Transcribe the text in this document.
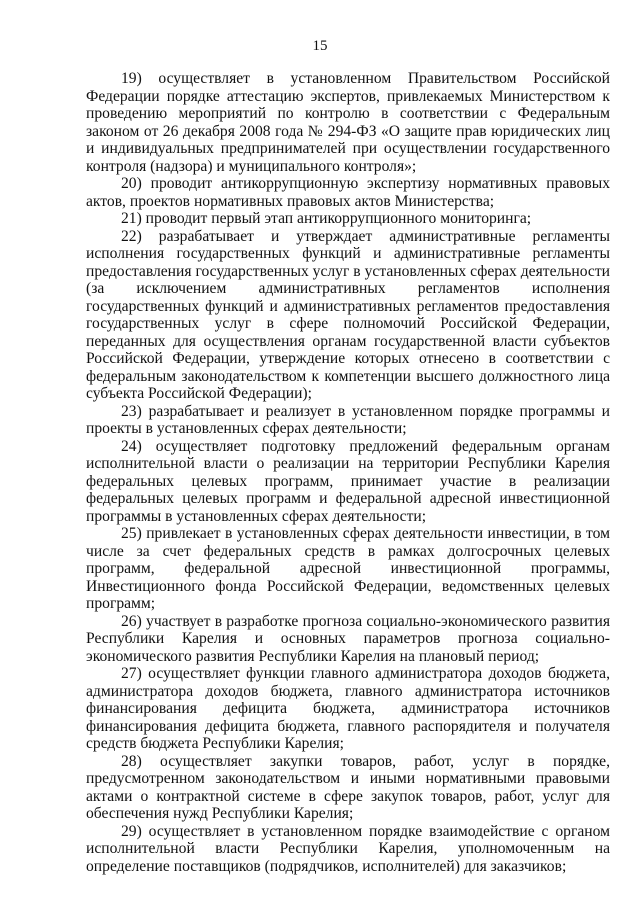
15

19) осуществляет в установленном Правительством Российской Федерации порядке аттестацию экспертов, привлекаемых Министерством к проведению мероприятий по контролю в соответствии с Федеральным законом от 26 декабря 2008 года № 294-ФЗ «О защите прав юридических лиц и индивидуальных предпринимателей при осуществлении государственного контроля (надзора) и муниципального контроля»;

20) проводит антикоррупционную экспертизу нормативных правовых актов, проектов нормативных правовых актов Министерства;

21) проводит первый этап антикоррупционного мониторинга;

22) разрабатывает и утверждает административные регламенты исполнения государственных функций и административные регламенты предоставления государственных услуг в установленных сферах деятельности (за исключением административных регламентов исполнения государственных функций и административных регламентов предоставления государственных услуг в сфере полномочий Российской Федерации, переданных для осуществления органам государственной власти субъектов Российской Федерации, утверждение которых отнесено в соответствии с федеральным законодательством к компетенции высшего должностного лица субъекта Российской Федерации);

23) разрабатывает и реализует в установленном порядке программы и проекты в установленных сферах деятельности;

24) осуществляет подготовку предложений федеральным органам исполнительной власти о реализации на территории Республики Карелия федеральных целевых программ, принимает участие в реализации федеральных целевых программ и федеральной адресной инвестиционной программы в установленных сферах деятельности;

25) привлекает в установленных сферах деятельности инвестиции, в том числе за счет федеральных средств в рамках долгосрочных целевых программ, федеральной адресной инвестиционной программы, Инвестиционного фонда Российской Федерации, ведомственных целевых программ;

26) участвует в разработке прогноза социально-экономического развития Республики Карелия и основных параметров прогноза социально-экономического развития Республики Карелия на плановый период;

27) осуществляет функции главного администратора доходов бюджета, администратора доходов бюджета, главного администратора источников финансирования дефицита бюджета, администратора источников финансирования дефицита бюджета, главного распорядителя и получателя средств бюджета Республики Карелия;

28) осуществляет закупки товаров, работ, услуг в порядке, предусмотренном законодательством и иными нормативными правовыми актами о контрактной системе в сфере закупок товаров, работ, услуг для обеспечения нужд Республики Карелия;

29) осуществляет в установленном порядке взаимодействие с органом исполнительной власти Республики Карелия, уполномоченным на определение поставщиков (подрядчиков, исполнителей) для заказчиков;
